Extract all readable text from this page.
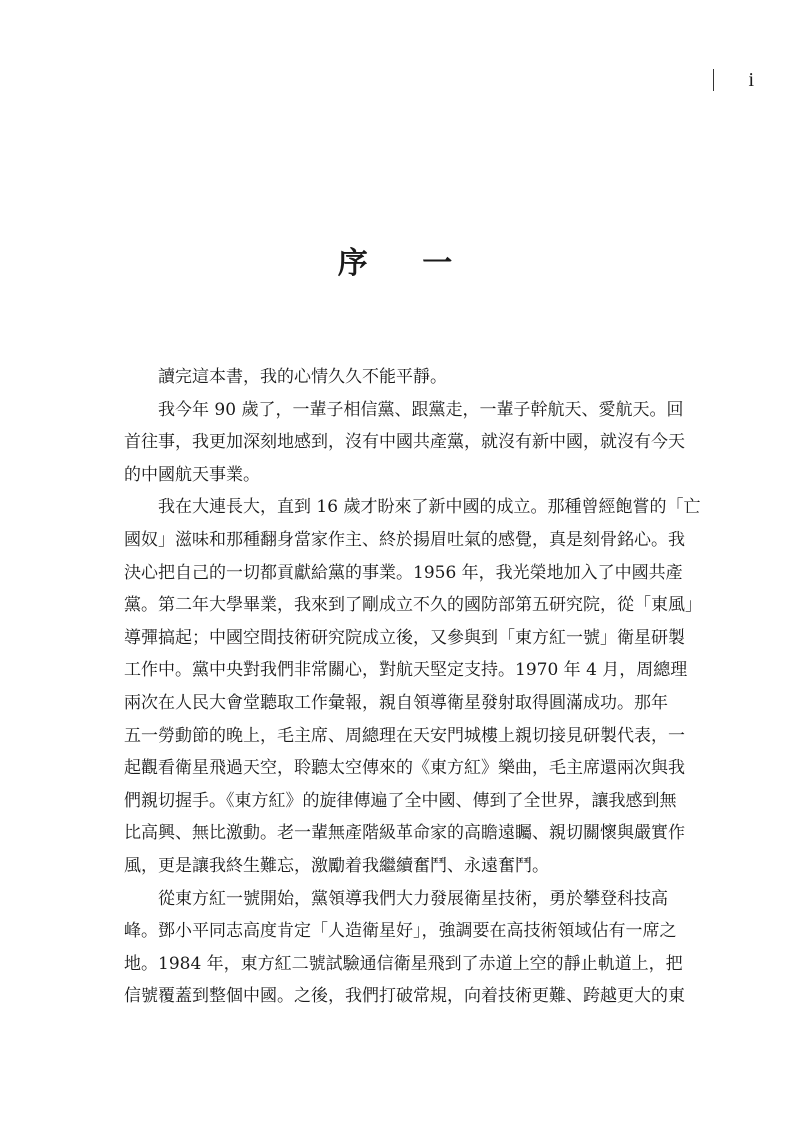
i
序 一
讀完這本書，我的心情久久不能平靜。
我今年 90 歲了，一輩子相信黨、跟黨走，一輩子幹航天、愛航天。回
首往事，我更加深刻地感到，沒有中國共產黨，就沒有新中國，就沒有今天
的中國航天事業。
我在大連長大，直到 16 歲才盼來了新中國的成立。那種曾經飽嘗的「亡
國奴」滋味和那種翻身當家作主、終於揚眉吐氣的感覺，真是刻骨銘心。我
決心把自己的一切都貢獻給黨的事業。1956 年，我光榮地加入了中國共產
黨。第二年大學畢業，我來到了剛成立不久的國防部第五研究院，從「東風」
導彈搞起；中國空間技術研究院成立後，又參與到「東方紅一號」衛星研製
工作中。黨中央對我們非常關心，對航天堅定支持。1970 年 4 月，周總理
兩次在人民大會堂聽取工作彙報，親自領導衛星發射取得圓滿成功。那年
五一勞動節的晚上，毛主席、周總理在天安門城樓上親切接見研製代表，一
起觀看衛星飛過天空，聆聽太空傳來的《東方紅》樂曲，毛主席還兩次與我
們親切握手。《東方紅》的旋律傳遍了全中國、傳到了全世界，讓我感到無
比高興、無比激動。老一輩無產階級革命家的高瞻遠矚、親切關懷與嚴實作
風，更是讓我終生難忘，激勵着我繼續奮鬥、永遠奮鬥。
從東方紅一號開始，黨領導我們大力發展衛星技術，勇於攀登科技高
峰。鄧小平同志高度肯定「人造衛星好」，強調要在高技術領域佔有一席之
地。1984 年，東方紅二號試驗通信衛星飛到了赤道上空的靜止軌道上，把
信號覆蓋到整個中國。之後，我們打破常規，向着技術更難、跨越更大的東
